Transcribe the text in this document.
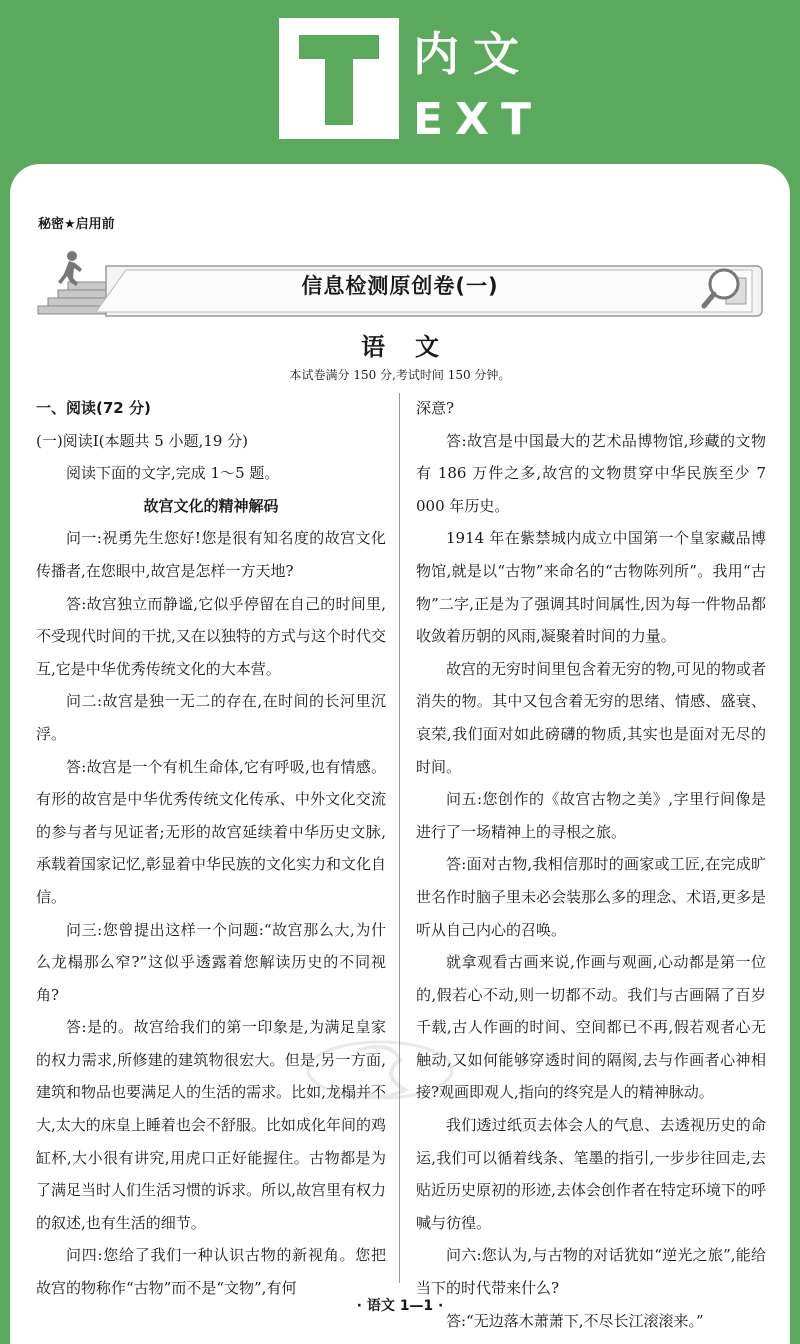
内文
EXT
秘密★启用前
信息检测原创卷(一)
语文
本试卷满分 150 分,考试时间 150 分钟。

一、阅读(72 分)

(一)阅读Ⅰ(本题共 5 小题,19 分)

阅读下面的文字,完成 1～5 题。

故宫文化的精神解码

问一:祝勇先生您好!您是很有知名度的故宫文化传播者,在您眼中,故宫是怎样一方天地?

答:故宫独立而静谧,它似乎停留在自己的时间里,不受现代时间的干扰,又在以独特的方式与这个时代交互,它是中华优秀传统文化的大本营。

问二:故宫是独一无二的存在,在时间的长河里沉浮。

答:故宫是一个有机生命体,它有呼吸,也有情感。有形的故宫是中华优秀传统文化传承、中外文化交流的参与者与见证者;无形的故宫延续着中华历史文脉,承载着国家记忆,彰显着中华民族的文化实力和文化自信。

问三:您曾提出这样一个问题:“故宫那么大,为什么龙榻那么窄?”这似乎透露着您解读历史的不同视角?

答:是的。故宫给我们的第一印象是,为满足皇家的权力需求,所修建的建筑物很宏大。但是,另一方面,建筑和物品也要满足人的生活的需求。比如,龙榻并不大,太大的床皇上睡着也会不舒服。比如成化年间的鸡缸杯,大小很有讲究,用虎口正好能握住。古物都是为了满足当时人们生活习惯的诉求。所以,故宫里有权力的叙述,也有生活的细节。

问四:您给了我们一种认识古物的新视角。您把故宫的物称作“古物”而不是“文物”,有何

深意?

答:故宫是中国最大的艺术品博物馆,珍藏的文物有 186 万件之多,故宫的文物贯穿中华民族至少 7 000 年历史。

1914 年在紫禁城内成立中国第一个皇家藏品博物馆,就是以“古物”来命名的“古物陈列所”。我用“古物”二字,正是为了强调其时间属性,因为每一件物品都收敛着历朝的风雨,凝聚着时间的力量。

故宫的无穷时间里包含着无穷的物,可见的物或者消失的物。其中又包含着无穷的思绪、情感、盛衰、哀荣,我们面对如此磅礴的物质,其实也是面对无尽的时间。

问五:您创作的《故宫古物之美》,字里行间像是进行了一场精神上的寻根之旅。

答:面对古物,我相信那时的画家或工匠,在完成旷世名作时脑子里未必会装那么多的理念、术语,更多是听从自己内心的召唤。

就拿观看古画来说,作画与观画,心动都是第一位的,假若心不动,则一切都不动。我们与古画隔了百岁千载,古人作画的时间、空间都已不再,假若观者心无触动,又如何能够穿透时间的隔阂,去与作画者心神相接?观画即观人,指向的终究是人的精神脉动。

我们透过纸页去体会人的气息、去透视历史的命运,我们可以循着线条、笔墨的指引,一步步往回走,去贴近历史原初的形迹,去体会创作者在特定环境下的呼喊与彷徨。

问六:您认为,与古物的对话犹如“逆光之旅”,能给当下的时代带来什么?

答:“无边落木萧萧下,不尽长江滚滚来。”

· 语文 1—1 ·
